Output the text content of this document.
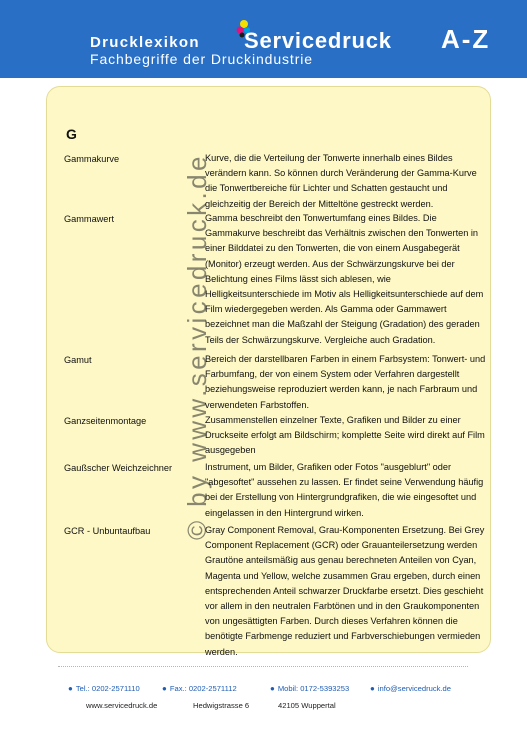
Drucklexikon
Fachbegriffe der Druckindustrie
Servicedruck A-Z
© by www.servicedruck.de
G
Gammakurve	Kurve, die die Verteilung der Tonwerte innerhalb eines Bildes verändern kann. So können durch Veränderung der Gamma-Kurve die Tonwertbereiche für Lichter und Schatten gestaucht und gleichzeitig der Bereich der Mitteltöne gestreckt werden.
Gammawert	Gamma beschreibt den Tonwertumfang eines Bildes. Die Gammakurve beschreibt das Verhältnis zwischen den Tonwerten in einer Bilddatei zu den Tonwerten, die von einem Ausgabegerät (Monitor) erzeugt werden. Aus der Schwärzungskurve bei der Belichtung eines Films lässt sich ablesen, wie Helligkeitsunterschiede im Motiv als Helligkeitsunterschiede auf dem Film wiedergegeben werden. Als Gamma oder Gammawert bezeichnet man die Maßzahl der Steigung (Gradation) des geraden Teils der Schwärzungskurve. Vergleiche auch Gradation.
Gamut	Bereich der darstellbaren Farben in einem Farbsystem: Tonwert- und Farbumfang, der von einem System oder Verfahren dargestellt beziehungsweise reproduziert werden kann, je nach Farbraum und verwendeten Farbstoffen.
Ganzseitenmontage	Zusammenstellen einzelner Texte, Grafiken und Bilder zu einer Druckseite erfolgt am Bildschirm; komplette Seite wird direkt auf Film ausgegeben
Gaußscher Weichzeichner	Instrument, um Bilder, Grafiken oder Fotos "ausgeblurt" oder "abgesoftet" aussehen zu lassen. Er findet seine Verwendung häufig bei der Erstellung von Hintergrundgrafiken, die wie eingesoftet und eingelassen in den Hintergrund wirken.
GCR - Unbuntaufbau	Gray Component Removal, Grau-Komponenten Ersetzung. Bei Grey Component Replacement (GCR) oder Grauanteilersetzung werden Grautöne anteilsmäßig aus genau berechneten Anteilen von Cyan, Magenta und Yellow, welche zusammen Grau ergeben, durch einen entsprechenden Anteil schwarzer Druckfarbe ersetzt. Dies geschieht vor allem in den neutralen Farbtönen und in den Graukomponenten von ungesättigten Farben. Durch dieses Verfahren können die benötigte Farbmenge reduziert und Farbverschiebungen vermieden werden.
● Tel.: 0202-2571110	● Fax.: 0202-2571112	● Mobil: 0172-5393253	● info@servicedruck.de
www.servicedruck.de	Hedwigstrasse 6	42105 Wuppertal
